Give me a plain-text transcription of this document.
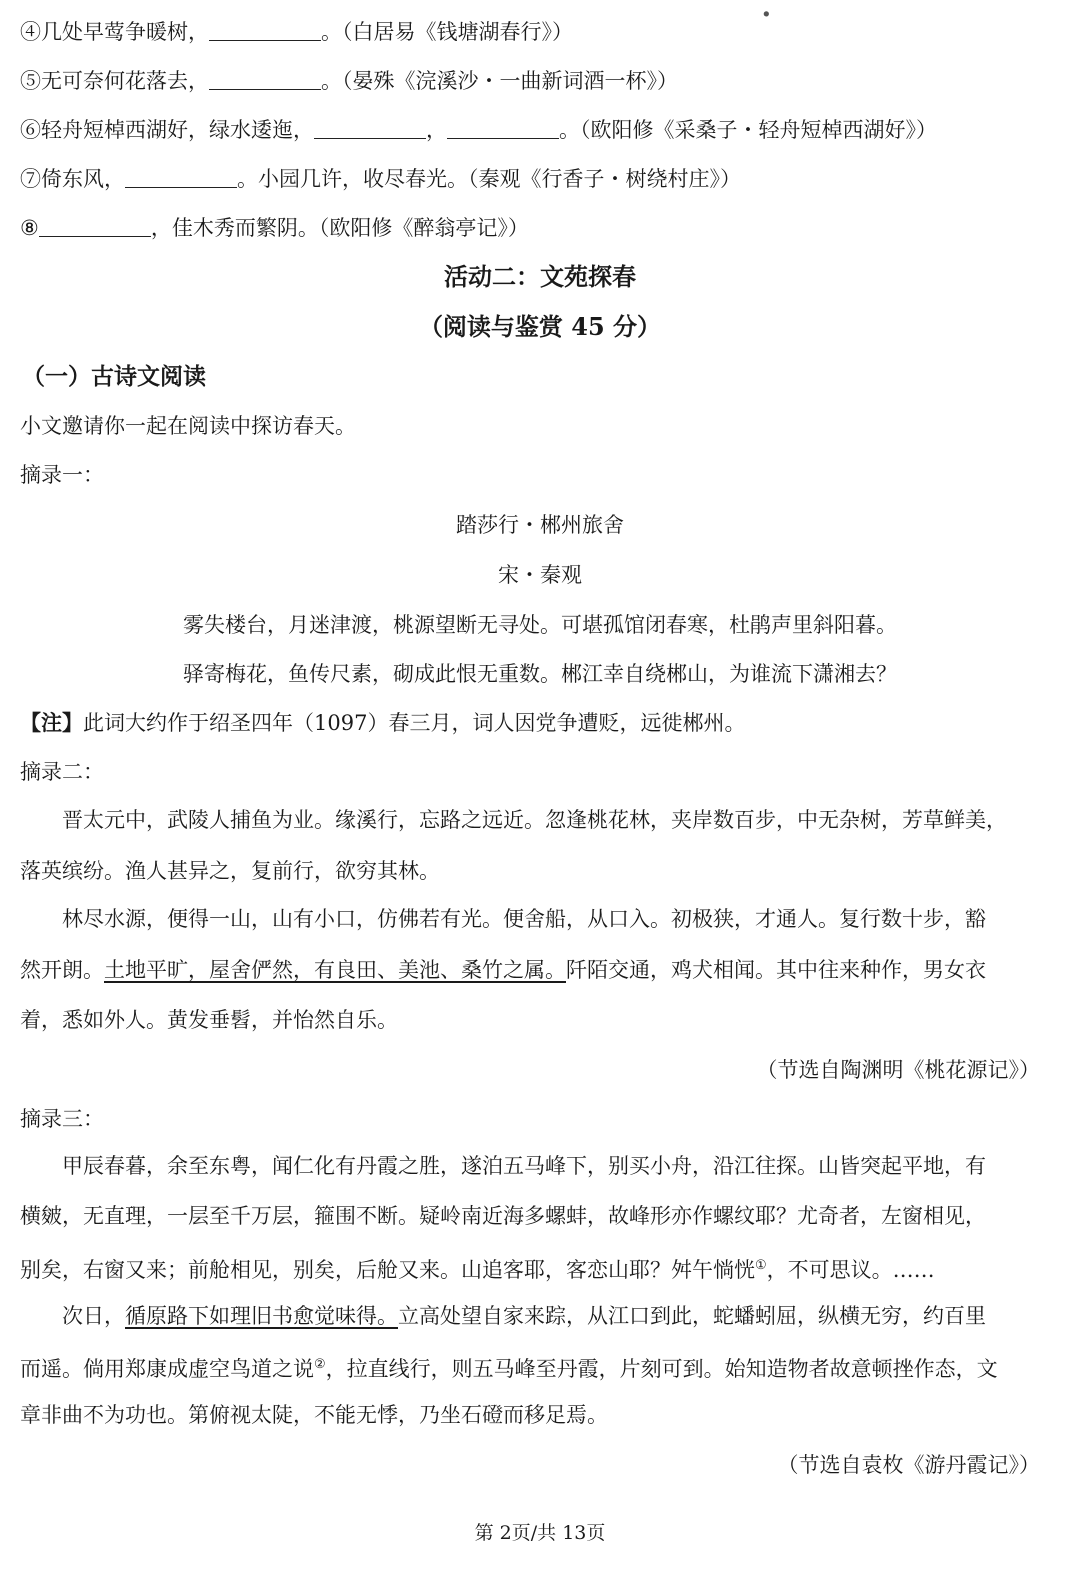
·
④几处早莺争暖树，	。（白居易《钱塘湖春行》）
⑤无可奈何花落去，	。（晏殊《浣溪沙・一曲新词酒一杯》）
⑥轻舟短棹西湖好，绿水逶迤，	，	。（欧阳修《采桑子・轻舟短棹西湖好》）
⑦倚东风，	。小园几许，收尽春光。（秦观《行香子・树绕村庄》）
⑧	，佳木秀而繁阴。（欧阳修《醉翁亭记》）
活动二：文苑探春
（阅读与鉴赏 45 分）
（一）古诗文阅读
小文邀请你一起在阅读中探访春天。
摘录一：
踏莎行・郴州旅舍
宋・秦观
雾失楼台，月迷津渡，桃源望断无寻处。可堪孤馆闭春寒，杜鹃声里斜阳暮。
驿寄梅花，鱼传尺素，砌成此恨无重数。郴江幸自绕郴山，为谁流下潇湘去？
【注】此词大约作于绍圣四年（1097）春三月，词人因党争遭贬，远徙郴州。
摘录二：
晋太元中，武陵人捕鱼为业。缘溪行，忘路之远近。忽逢桃花林，夹岸数百步，中无杂树，芳草鲜美，
落英缤纷。渔人甚异之，复前行，欲穷其林。
林尽水源，便得一山，山有小口，仿佛若有光。便舍船，从口入。初极狭，才通人。复行数十步，豁
然开朗。土地平旷，屋舍俨然，有良田、美池、桑竹之属。阡陌交通，鸡犬相闻。其中往来种作，男女衣
着，悉如外人。黄发垂髫，并怡然自乐。
（节选自陶渊明《桃花源记》）
摘录三：
甲辰春暮，余至东粤，闻仁化有丹霞之胜，遂泊五马峰下，别买小舟，沿江往探。山皆突起平地，有
横皴，无直理，一层至千万层，箍围不断。疑岭南近海多螺蚌，故峰形亦作螺纹耶？尤奇者，左窗相见，
别矣，右窗又来；前舱相见，别矣，后舱又来。山追客耶，客恋山耶？舛午惝恍①，不可思议。……
次日，循原路下如理旧书愈觉味得。立高处望自家来踪，从江口到此，蛇蟠蚓屈，纵横无穷，约百里
而遥。倘用郑康成虚空鸟道之说②，拉直线行，则五马峰至丹霞，片刻可到。始知造物者故意顿挫作态，文
章非曲不为功也。第俯视太陡，不能无悸，乃坐石磴而移足焉。
（节选自袁枚《游丹霞记》）
第 2页/共 13页
